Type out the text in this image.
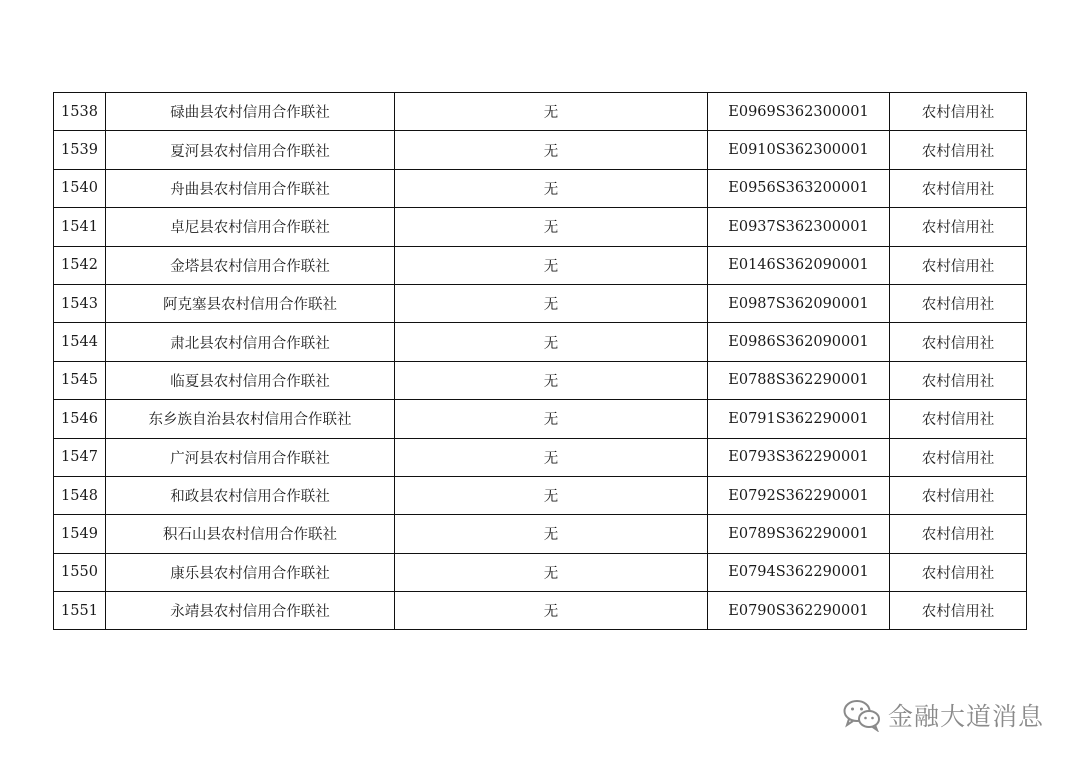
1538	碌曲县农村信用合作联社	无	E0969S362300001	农村信用社
1539	夏河县农村信用合作联社	无	E0910S362300001	农村信用社
1540	舟曲县农村信用合作联社	无	E0956S363200001	农村信用社
1541	卓尼县农村信用合作联社	无	E0937S362300001	农村信用社
1542	金塔县农村信用合作联社	无	E0146S362090001	农村信用社
1543	阿克塞县农村信用合作联社	无	E0987S362090001	农村信用社
1544	肃北县农村信用合作联社	无	E0986S362090001	农村信用社
1545	临夏县农村信用合作联社	无	E0788S362290001	农村信用社
1546	东乡族自治县农村信用合作联社	无	E0791S362290001	农村信用社
1547	广河县农村信用合作联社	无	E0793S362290001	农村信用社
1548	和政县农村信用合作联社	无	E0792S362290001	农村信用社
1549	积石山县农村信用合作联社	无	E0789S362290001	农村信用社
1550	康乐县农村信用合作联社	无	E0794S362290001	农村信用社
1551	永靖县农村信用合作联社	无	E0790S362290001	农村信用社
金融大道消息
